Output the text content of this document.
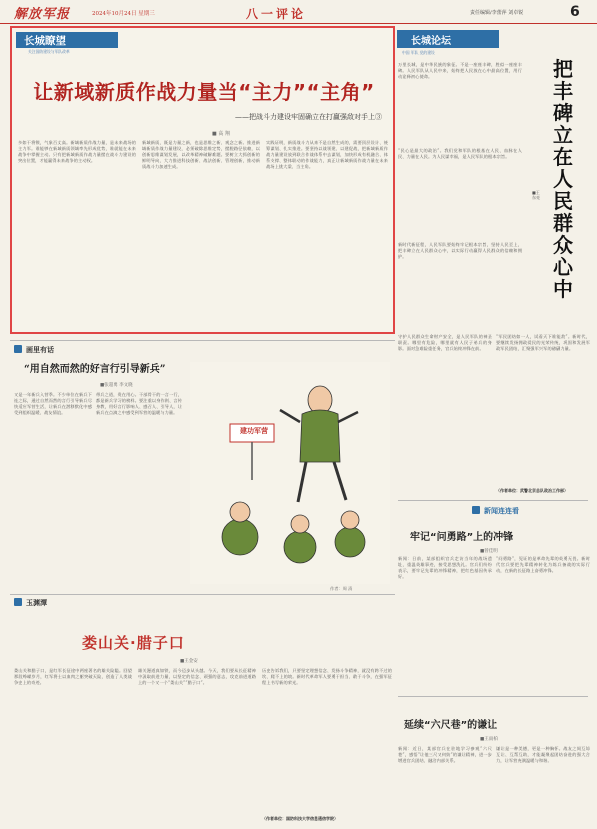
解放军报	2024年10月24日 星期三	八一评论	责任编辑/李蕾萍 刘卓锐	6
长城瞭望
关注国防建设与军队改革
让新域新质作战力量当“主力”“主角”
——把战斗力建设牢固确立在打赢强敌对手上③
■ 高 翔
多如干将镆，气象百丈高。新域新质作战力量，是未来战场的主力军。谁能够在新域新质领域率先形成优势，谁就能在未来战争中掌握主动。只有把新域新质作战力量摆在战斗力建设的突出位置，才能赢得未来战争的主动权。
新域新质，既是力量之新，也是思维之新、观念之新。推进新域新质作战力量建设，必须破除思维定势，摆脱路径依赖，以创新思维谋划发展，以改革精神破解难题。要树立大抓创新的鲜明导向，大力推进科技创新、战法创新、管理创新，推动新质战斗力加速生成。
实践证明，新质战斗力从来不是自然生成的，需要顶层设计、统筹谋划、扎实推进。要坚持以战领建、以建促战，把新域新质作战力量建设放到联合作战体系中去谋划，加快形成有机融合、体系支撑、整体联动的作战能力，真正让新域新质作战力量在未来战场上挑大梁、当主角。
长城论坛
中国 军队 党的建设
把丰碑立在人民群众心中
■王东亮
万里长城，是中华民族的象征。不是一座座丰碑，胜似一座座丰碑。人民军队从人民中来，始终把人民放在心中最高位置，用行动诠释初心使命。
“民心是最大的政治”。我们党和军队的根基在人民、血脉在人民、力量在人民。为人民谋幸福，是人民军队的根本宗旨。
新时代新征程，人民军队要始终牢记根本宗旨，坚持人民至上，把丰碑立在人民群众心中，以实际行动赢得人民群众的信赖和拥护。
画里有话
“用自然而然的好言行引导新兵”
■张超勇 李文晓
又是一年新兵入营季。不少单位在新兵下连之际，通过自然而然的言行引导新兵尽快适应军营生活，让新兵在潜移默化中感受到组织温暖、战友情谊。
带兵之道，贵在用心。干部骨干的一言一行，都是新兵学习的榜样。要注重以身作则、言传身教，用好言行影响人、感召人、引导人，让新兵在点滴之中感受到军营的温暖与力量。
建功军营
作者：周 清
守护人民群众生命财产安全，是人民军队的神圣职责。哪里有危险，哪里就有人民子弟兵的身影。面对急难险重任务，官兵始终冲锋在前。
“军民团结如一人，试看天下谁能敌”。新时代，要继续发扬拥政爱民的光荣传统，巩固和发展军政军民团结，汇聚强军兴军的磅礴力量。
（作者单位：武警北京总队政治工作部）
新闻连连看
牢记“问勇路”上的冲锋
■曾佳明
新闻：日前，某部组织官兵走访当年的战场遗址，重温英雄事迹，接受思想洗礼。官兵们纷纷表示，要牢记先辈的冲锋精神，把红色基因传承好。
“问勇路”，见证的是革命先辈的英勇无畏。新时代官兵要把先辈精神转化为练兵备战的实际行动，在新的长征路上奋勇冲锋。
玉渊潭
娄山关·腊子口
■王金安
娄山关和腊子口，是红军长征途中两座著名的雄关险隘。回望那段峥嵘岁月，红军将士以血肉之躯突破天险，创造了人类战争史上的奇迹。
雄关漫道真如铁，而今迈步从头越。今天，我们要从长征精神中汲取前进力量，以坚定的信念、顽强的意志，攻克前进道路上的一个又一个“娄山关”“腊子口”。
历史告诉我们，只要坚定理想信念、发扬斗争精神，就没有跨不过的坎、爬不上的坡。新时代革命军人要勇于担当、敢于斗争，在强军征程上书写新的荣光。
（作者单位：国防科技大学信息通信学院）
延续“六尺巷”的谦让
■王雨柏
新闻：近日，某部官兵在驻地学习参观“六尺巷”，感悟“让他三尺又何妨”的谦让精神，进一步增进官兵团结、融洽内部关系。
谦让是一种美德，更是一种胸怀。战友之间互谅互让、互帮互助，才能凝聚起团结奋进的强大合力，让军营充满温暖与和谐。
